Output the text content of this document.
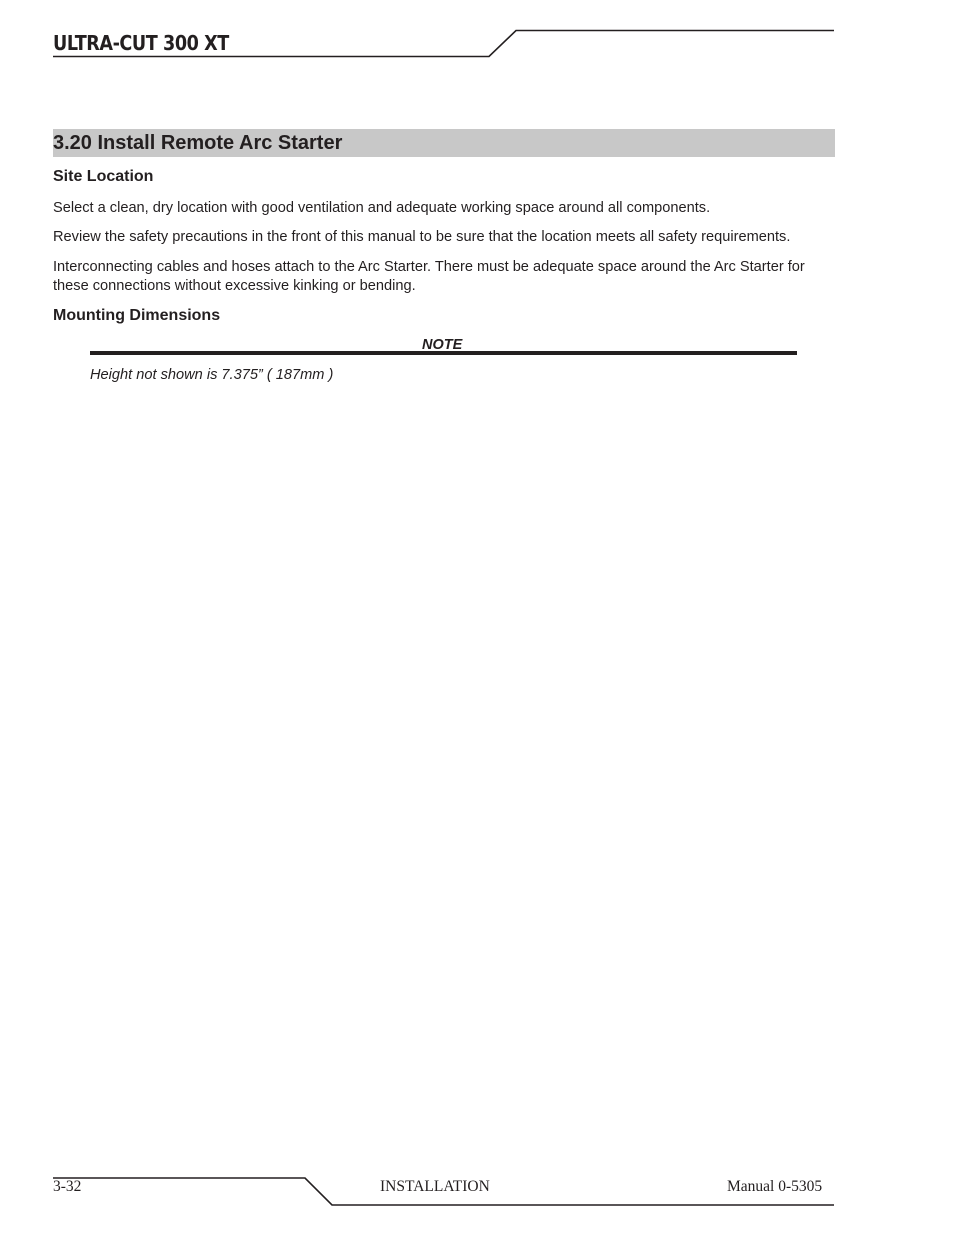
ULTRA-CUT 300 XT
3.20 Install Remote Arc Starter
Site Location
Select a clean, dry location with good ventilation and adequate working space around all components.
Review the safety precautions in the front of this manual to be sure that the location meets all safety requirements.
Interconnecting cables and hoses attach to the Arc Starter. There must be adequate space around the Arc Starter for these connections without excessive kinking or bending.
Mounting Dimensions
NOTE
Height not shown is 7.375” ( 187mm )
3-32	INSTALLATION	Manual 0-5305
